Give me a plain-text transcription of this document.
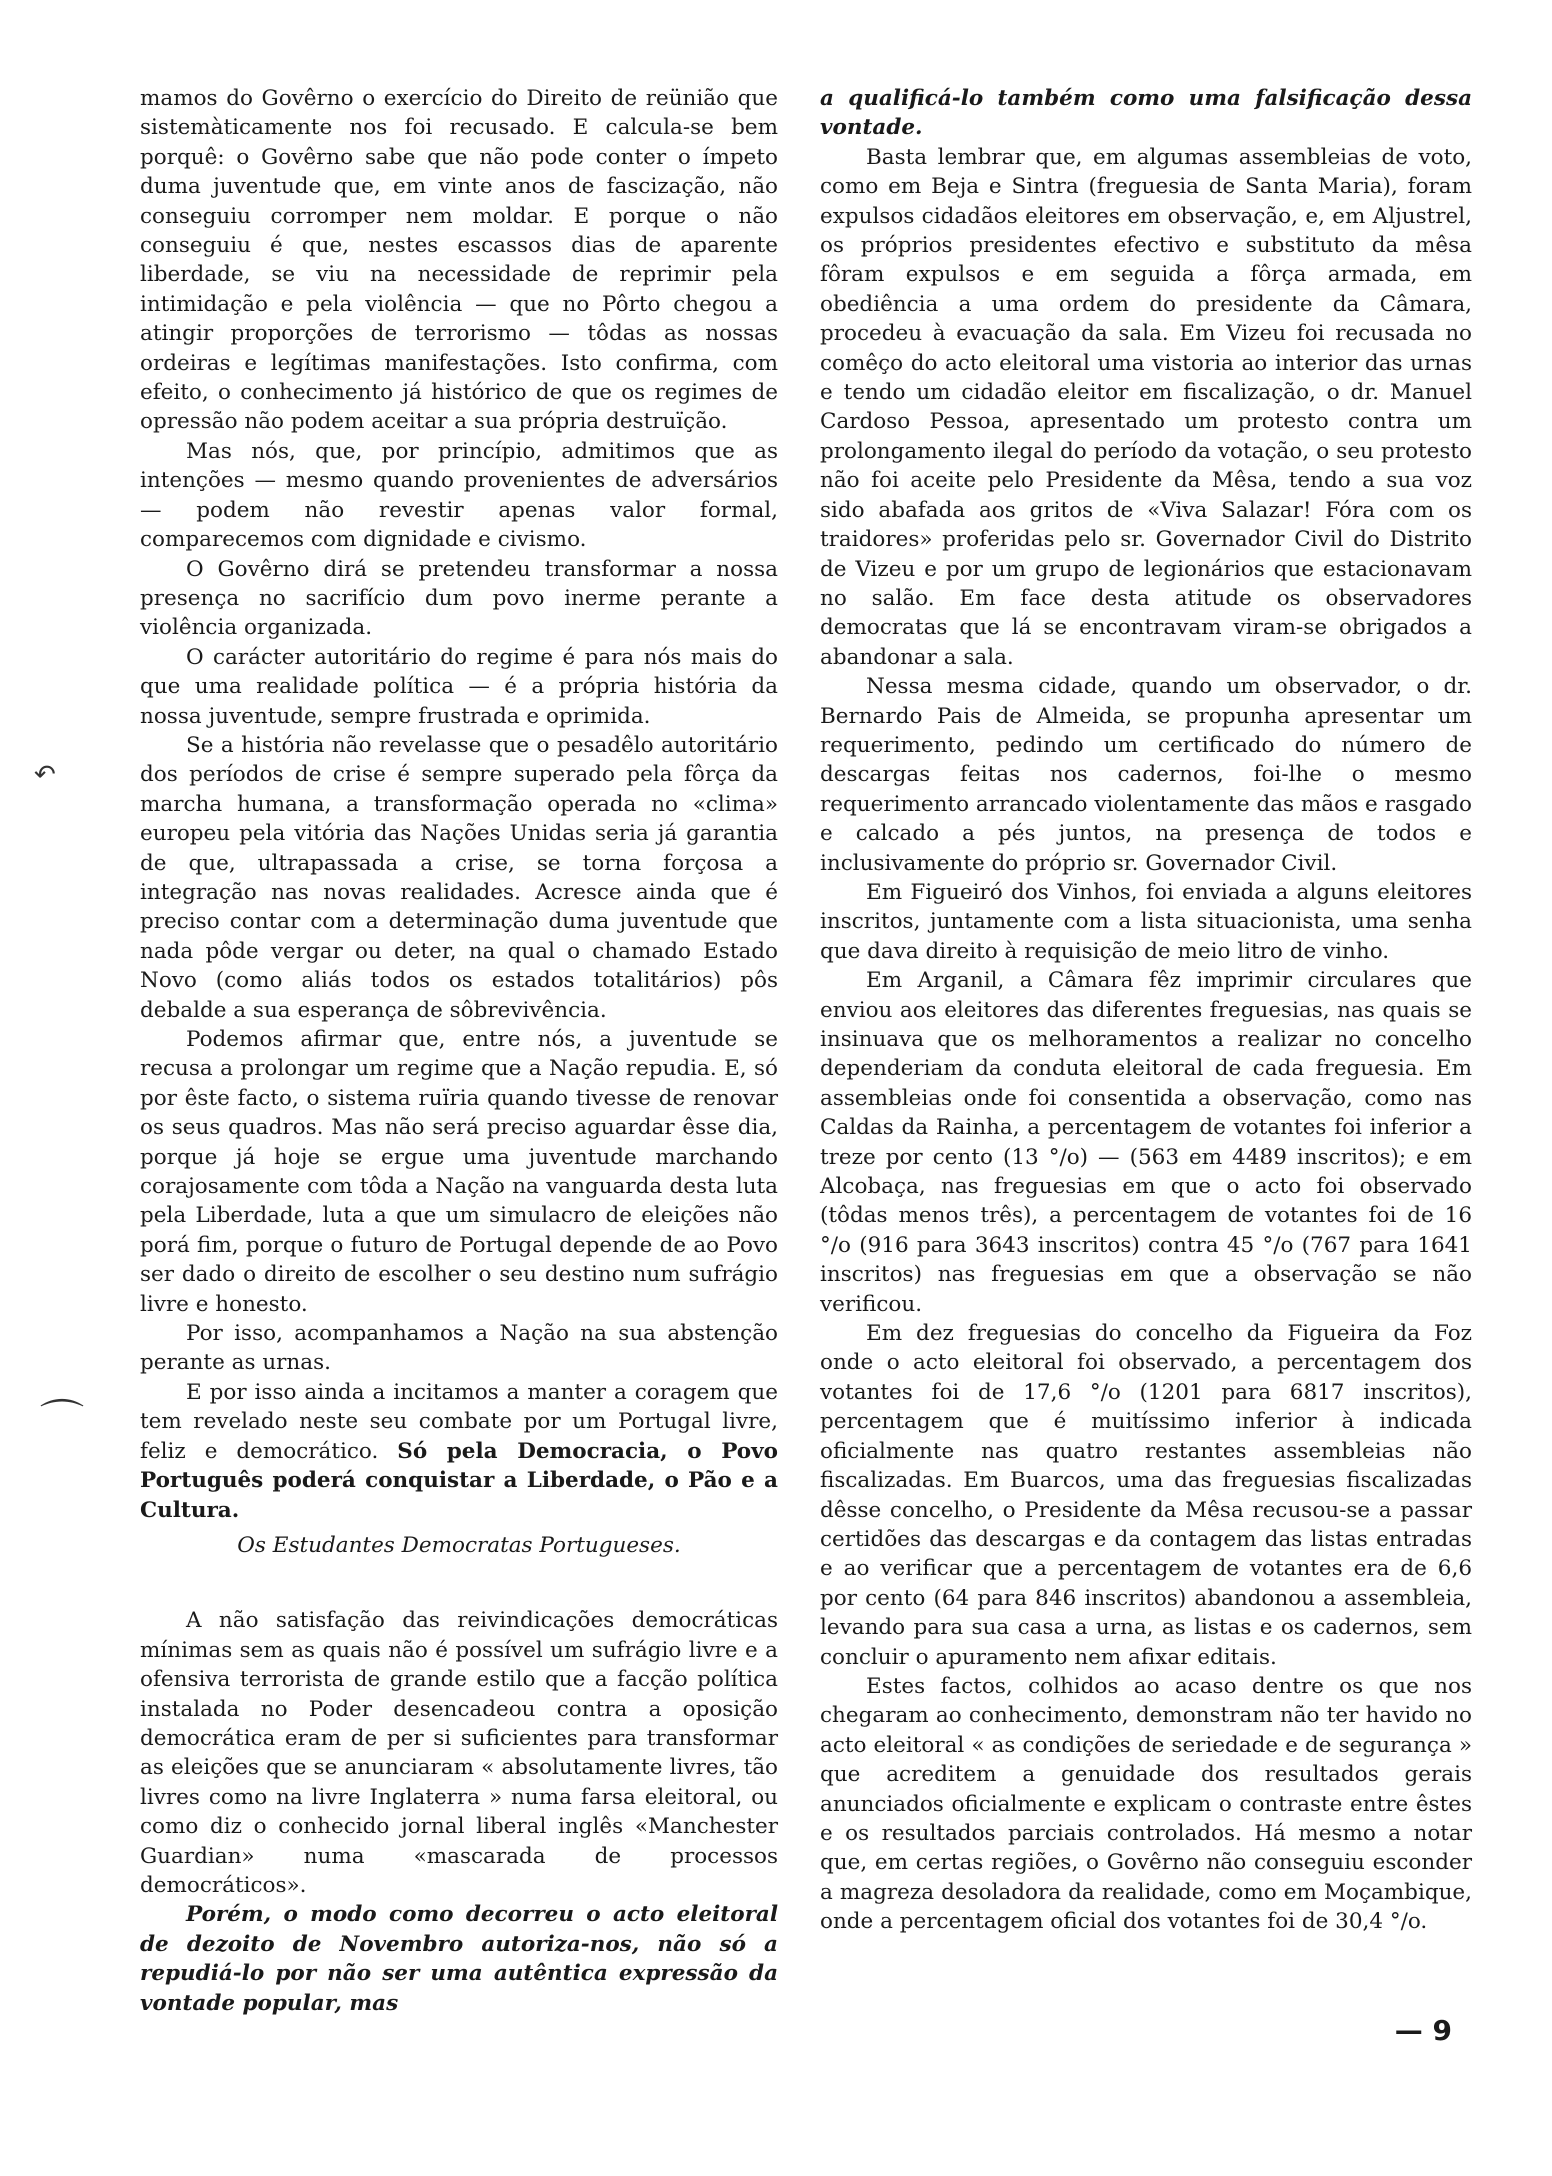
↶
⌒

mamos do Govêrno o exercício do Direito de reünião que sistemàticamente nos foi recusado. E calcula-se bem porquê: o Govêrno sabe que não pode conter o ímpeto duma juventude que, em vinte anos de fascização, não conseguiu corromper nem moldar. E porque o não conseguiu é que, nestes escassos dias de aparente liberdade, se viu na necessidade de reprimir pela intimidação e pela violência — que no Pôrto chegou a atingir proporções de terrorismo — tôdas as nossas ordeiras e legítimas manifestações. Isto confirma, com efeito, o conhecimento já histórico de que os regimes de opressão não podem aceitar a sua própria destruïção.

Mas nós, que, por princípio, admitimos que as intenções — mesmo quando provenientes de adversários — podem não revestir apenas valor formal, comparecemos com dignidade e civismo.

O Govêrno dirá se pretendeu transformar a nossa presença no sacrifício dum povo inerme perante a violência organizada.

O carácter autoritário do regime é para nós mais do que uma realidade política — é a própria história da nossa juventude, sempre frustrada e oprimida.

Se a história não revelasse que o pesadêlo autoritário dos períodos de crise é sempre superado pela fôrça da marcha humana, a transformação operada no «clima» europeu pela vitória das Nações Unidas seria já garantia de que, ultrapassada a crise, se torna forçosa a integração nas novas realidades. Acresce ainda que é preciso contar com a determinação duma juventude que nada pôde vergar ou deter, na qual o chamado Estado Novo (como aliás todos os estados totalitários) pôs debalde a sua esperança de sôbrevivência.

Podemos afirmar que, entre nós, a juventude se recusa a prolongar um regime que a Nação repudia. E, só por êste facto, o sistema ruïria quando tivesse de renovar os seus quadros. Mas não será preciso aguardar êsse dia, porque já hoje se ergue uma juventude marchando corajosamente com tôda a Nação na vanguarda desta luta pela Liberdade, luta a que um simulacro de eleições não porá fim, porque o futuro de Portugal depende de ao Povo ser dado o direito de escolher o seu destino num sufrágio livre e honesto.

Por isso, acompanhamos a Nação na sua abstenção perante as urnas.

E por isso ainda a incitamos a manter a coragem que tem revelado neste seu combate por um Portugal livre, feliz e democrático. Só pela Democracia, o Povo Português poderá conquistar a Liberdade, o Pão e a Cultura.

Os Estudantes Democratas Portugueses.

A não satisfação das reivindicações democráticas mínimas sem as quais não é possível um sufrágio livre e a ofensiva terrorista de grande estilo que a facção política instalada no Poder desencadeou contra a oposição democrática eram de per si suficientes para transformar as eleições que se anunciaram « absolutamente livres, tão livres como na livre Inglaterra » numa farsa eleitoral, ou como diz o conhecido jornal liberal inglês «Manchester Guardian» numa «mascarada de processos democráticos».

Porém, o modo como decorreu o acto eleitoral de dezoito de Novembro autoriza-nos, não só a repudiá-lo por não ser uma autêntica expressão da vontade popular, mas

a qualificá-lo também como uma falsificação dessa vontade.

Basta lembrar que, em algumas assembleias de voto, como em Beja e Sintra (freguesia de Santa Maria), foram expulsos cidadãos eleitores em observação, e, em Aljustrel, os próprios presidentes efectivo e substituto da mêsa fôram expulsos e em seguida a fôrça armada, em obediência a uma ordem do presidente da Câmara, procedeu à evacuação da sala. Em Vizeu foi recusada no comêço do acto eleitoral uma vistoria ao interior das urnas e tendo um cidadão eleitor em fiscalização, o dr. Manuel Cardoso Pessoa, apresentado um protesto contra um prolongamento ilegal do período da votação, o seu protesto não foi aceite pelo Presidente da Mêsa, tendo a sua voz sido abafada aos gritos de «Viva Salazar! Fóra com os traidores» proferidas pelo sr. Governador Civil do Distrito de Vizeu e por um grupo de legionários que estacionavam no salão. Em face desta atitude os observadores democratas que lá se encontravam viram-se obrigados a abandonar a sala.

Nessa mesma cidade, quando um observador, o dr. Bernardo Pais de Almeida, se propunha apresentar um requerimento, pedindo um certificado do número de descargas feitas nos cadernos, foi-lhe o mesmo requerimento arrancado violentamente das mãos e rasgado e calcado a pés juntos, na presença de todos e inclusivamente do próprio sr. Governador Civil.

Em Figueiró dos Vinhos, foi enviada a alguns eleitores inscritos, juntamente com a lista situacionista, uma senha que dava direito à requisição de meio litro de vinho.

Em Arganil, a Câmara fêz imprimir circulares que enviou aos eleitores das diferentes freguesias, nas quais se insinuava que os melhoramentos a realizar no concelho dependeriam da conduta eleitoral de cada freguesia. Em assembleias onde foi consentida a observação, como nas Caldas da Rainha, a percentagem de votantes foi inferior a treze por cento (13 °/o) — (563 em 4489 inscritos); e em Alcobaça, nas freguesias em que o acto foi observado (tôdas menos três), a percentagem de votantes foi de 16 °/o (916 para 3643 inscritos) contra 45 °/o (767 para 1641 inscritos) nas freguesias em que a observação se não verificou.

Em dez freguesias do concelho da Figueira da Foz onde o acto eleitoral foi observado, a percentagem dos votantes foi de 17,6 °/o (1201 para 6817 inscritos), percentagem que é muitíssimo inferior à indicada oficialmente nas quatro restantes assembleias não fiscalizadas. Em Buarcos, uma das freguesias fiscalizadas dêsse concelho, o Presidente da Mêsa recusou-se a passar certidões das descargas e da contagem das listas entradas e ao verificar que a percentagem de votantes era de 6,6 por cento (64 para 846 inscritos) abandonou a assembleia, levando para sua casa a urna, as listas e os cadernos, sem concluir o apuramento nem afixar editais.

Estes factos, colhidos ao acaso dentre os que nos chegaram ao conhecimento, demonstram não ter havido no acto eleitoral « as condições de seriedade e de segurança » que acreditem a genuidade dos resultados gerais anunciados oficialmente e explicam o contraste entre êstes e os resultados parciais controlados. Há mesmo a notar que, em certas regiões, o Govêrno não conseguiu esconder a magreza desoladora da realidade, como em Moçambique, onde a percentagem oficial dos votantes foi de 30,4 °/o.

— 9
